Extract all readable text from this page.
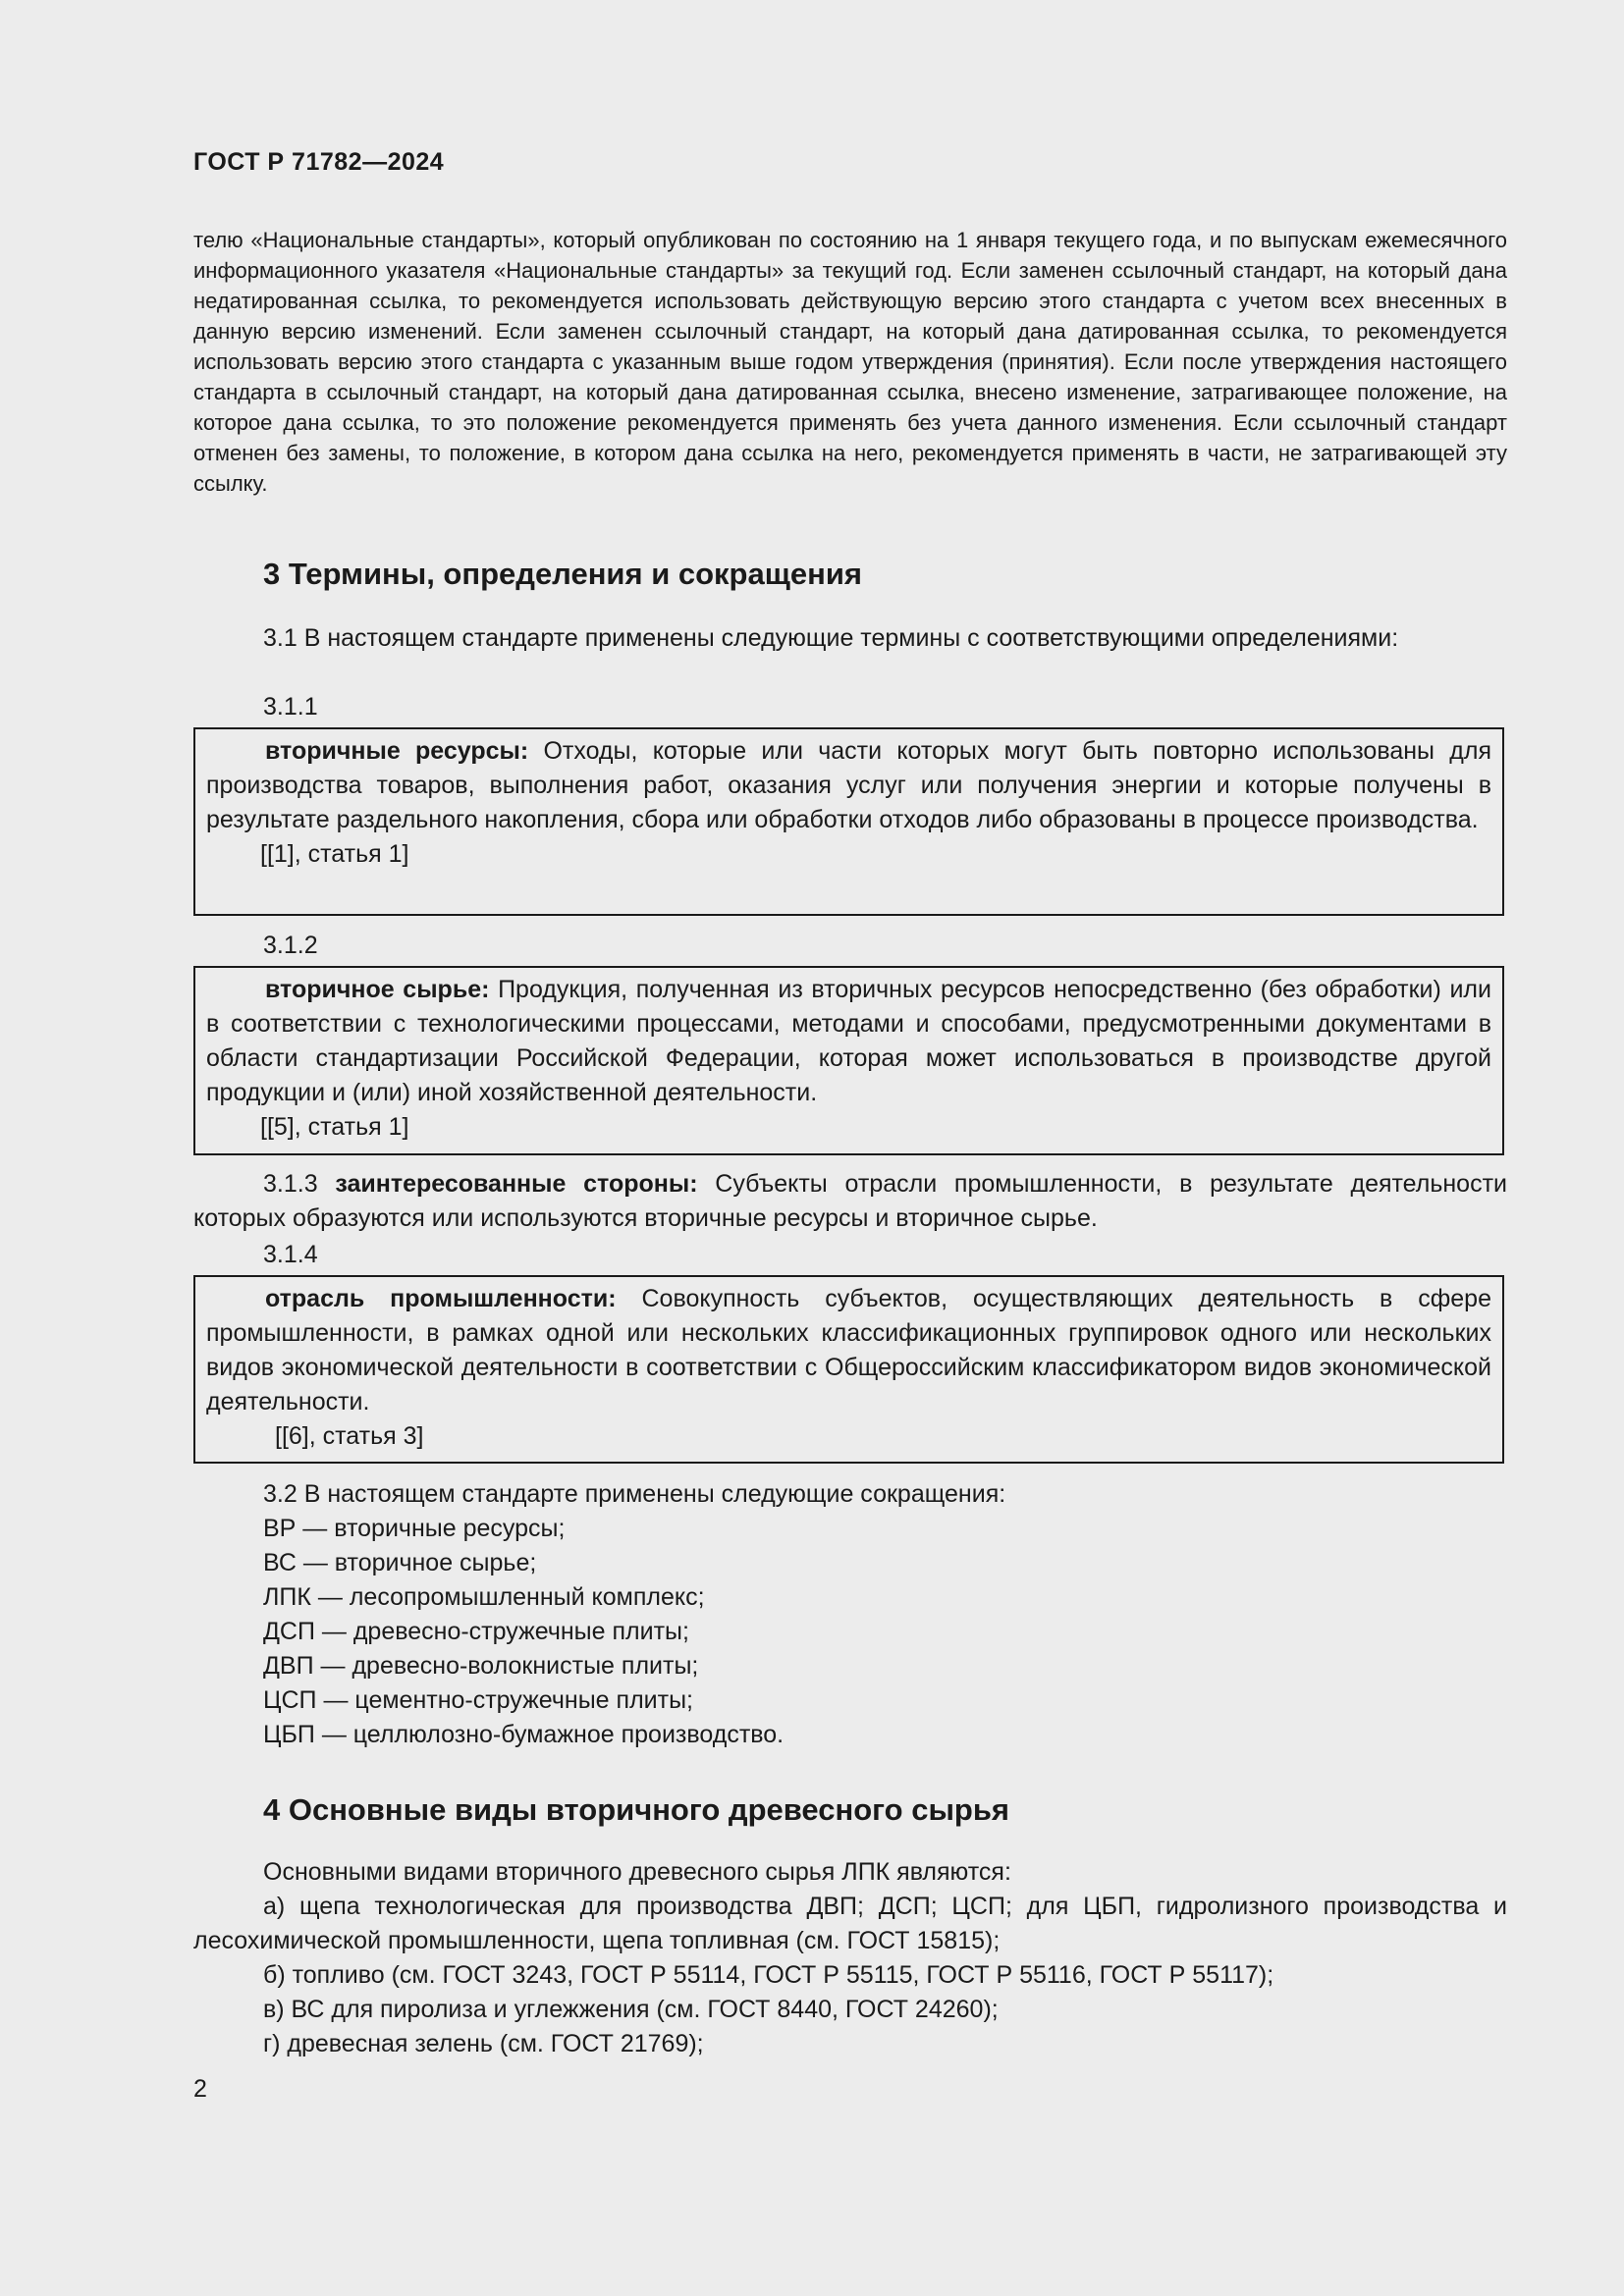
ГОСТ Р 71782—2024
телю «Национальные стандарты», который опубликован по состоянию на 1 января текущего года, и по выпускам ежемесячного информационного указателя «Национальные стандарты» за текущий год. Если заменен ссылочный стандарт, на который дана недатированная ссылка, то рекомендуется использовать действующую версию этого стандарта с учетом всех внесенных в данную версию изменений. Если заменен ссылочный стандарт, на который дана датированная ссылка, то рекомендуется использовать версию этого стандарта с указанным выше годом утверждения (принятия). Если после утверждения настоящего стандарта в ссылочный стандарт, на который дана датированная ссылка, внесено изменение, затрагивающее положение, на которое дана ссылка, то это положение рекомендуется применять без учета данного изменения. Если ссылочный стандарт отменен без замены, то положение, в котором дана ссылка на него, рекомендуется применять в части, не затрагивающей эту ссылку.
3 Термины, определения и сокращения
3.1 В настоящем стандарте применены следующие термины с соответствующими определениями:
3.1.1
вторичные ресурсы: Отходы, которые или части которых могут быть повторно использованы для производства товаров, выполнения работ, оказания услуг или получения энергии и которые получены в результате раздельного накопления, сбора или обработки отходов либо образованы в процессе производства.
[[1], статья 1]
3.1.2
вторичное сырье: Продукция, полученная из вторичных ресурсов непосредственно (без обработки) или в соответствии с технологическими процессами, методами и способами, предусмотренными документами в области стандартизации Российской Федерации, которая может использоваться в производстве другой продукции и (или) иной хозяйственной деятельности.
[[5], статья 1]
3.1.3 заинтересованные стороны: Субъекты отрасли промышленности, в результате деятельности которых образуются или используются вторичные ресурсы и вторичное сырье.
3.1.4
отрасль промышленности: Совокупность субъектов, осуществляющих деятельность в сфере промышленности, в рамках одной или нескольких классификационных группировок одного или нескольких видов экономической деятельности в соответствии с Общероссийским классификатором видов экономической деятельности.
[[6], статья 3]
3.2 В настоящем стандарте применены следующие сокращения:
ВР — вторичные ресурсы;
ВС — вторичное сырье;
ЛПК — лесопромышленный комплекс;
ДСП — древесно-стружечные плиты;
ДВП — древесно-волокнистые плиты;
ЦСП — цементно-стружечные плиты;
ЦБП — целлюлозно-бумажное производство.
4 Основные виды вторичного древесного сырья
Основными видами вторичного древесного сырья ЛПК являются:
а) щепа технологическая для производства ДВП; ДСП; ЦСП; для ЦБП, гидролизного производства и лесохимической промышленности, щепа топливная (см. ГОСТ 15815);
б) топливо (см. ГОСТ 3243, ГОСТ Р 55114, ГОСТ Р 55115, ГОСТ Р 55116, ГОСТ Р 55117);
в) ВС для пиролиза и углежжения (см. ГОСТ 8440, ГОСТ 24260);
г) древесная зелень (см. ГОСТ 21769);
2
